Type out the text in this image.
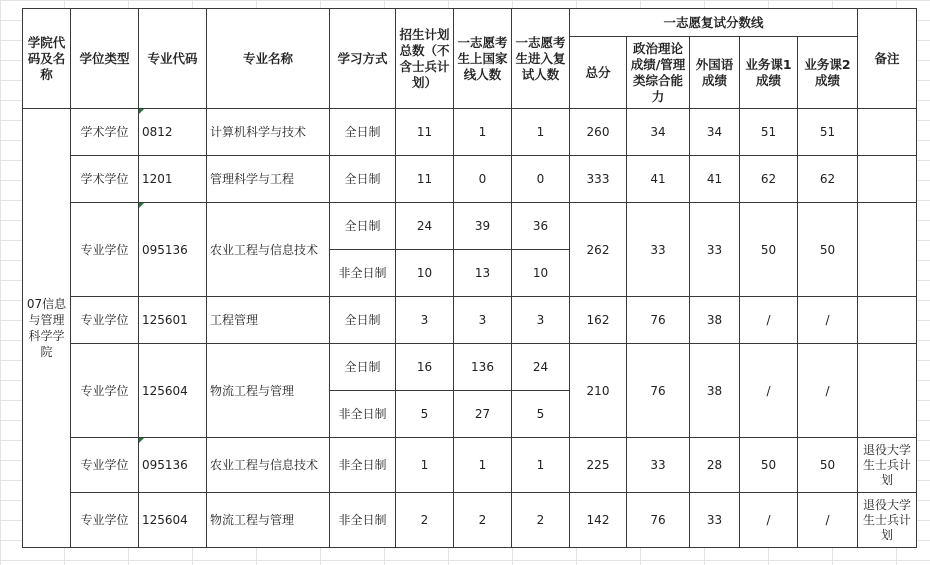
学院代码及名称	学位类型	专业代码	专业名称	学习方式	招生计划总数（不含士兵计划）	一志愿考生上国家线人数	一志愿考生进入复试人数	一志愿复试分数线					备注
								总分	政治理论成绩/管理类综合能力	外国语成绩	业务课1成绩	业务课2成绩	
07信息与管理科学学院	学术学位	0812	计算机科学与技术	全日制	11	1	1	260	34	34	51	51	
	学术学位	1201	管理科学与工程	全日制	11	0	0	333	41	41	62	62	
	专业学位	095136	农业工程与信息技术	全日制	24	39	36	262	33	33	50	50	
				非全日制	10	13	10						
	专业学位	125601	工程管理	全日制	3	3	3	162	76	38	/	/	
	专业学位	125604	物流工程与管理	全日制	16	136	24	210	76	38	/	/	
				非全日制	5	27	5						
	专业学位	095136	农业工程与信息技术	非全日制	1	1	1	225	33	28	50	50	退役大学生士兵计划
	专业学位	125604	物流工程与管理	非全日制	2	2	2	142	76	33	/	/	退役大学生士兵计划
